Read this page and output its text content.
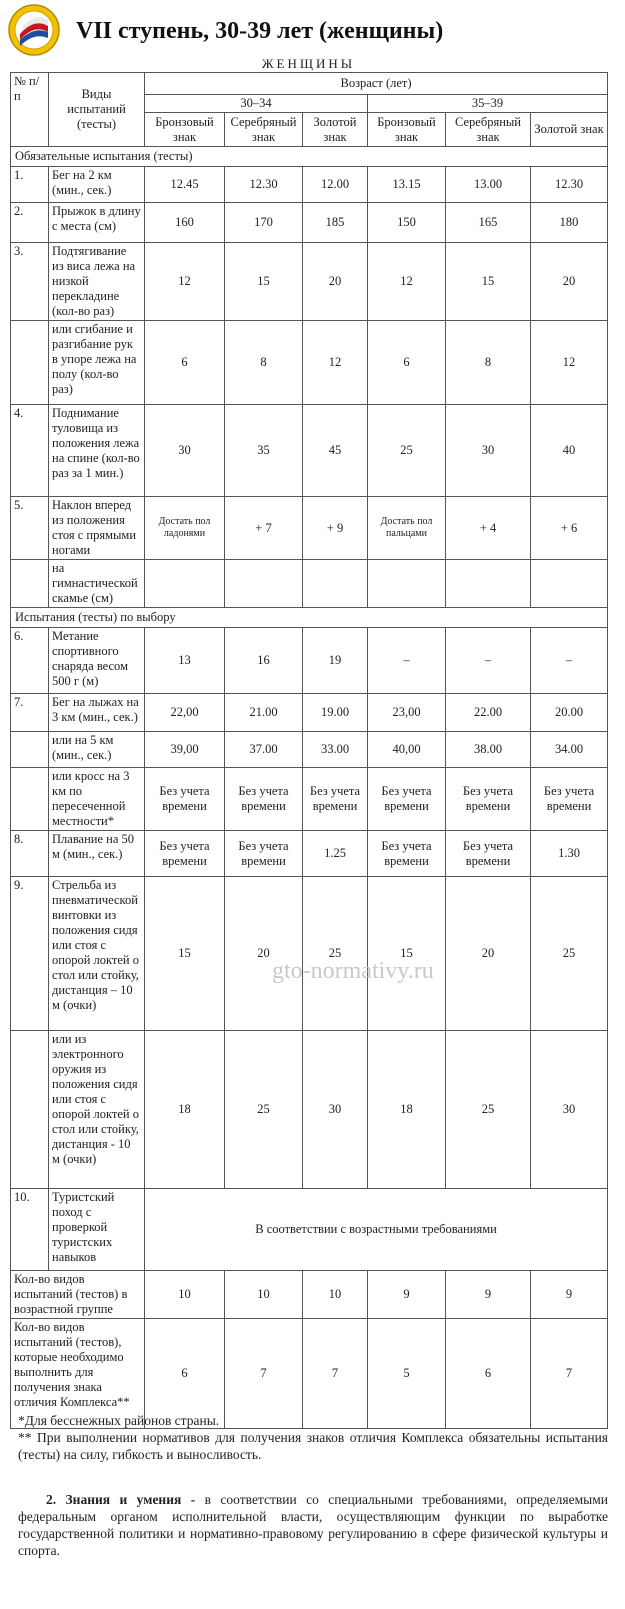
VII ступень, 30-39 лет (женщины)
ЖЕНЩИНЫ
№ п/п	Виды испытаний (тесты)	Возраст (лет)					
		30–34			35–39		
		Бронзовый знак	Серебряный знак	Золотой знак	Бронзовый знак	Серебряный знак	Золотой знак
Обязательные испытания (тесты)							
1.	Бег на 2 км (мин., сек.)	12.45	12.30	12.00	13.15	13.00	12.30
2.	Прыжок в длину с места (см)	160	170	185	150	165	180
3.	Подтягивание из виса лежа на низкой перекладине (кол-во раз)	12	15	20	12	15	20
	или сгибание и разгибание рук в упоре лежа на полу (кол-во раз)	6	8	12	6	8	12
4.	Поднимание туловища из положения лежа на спине (кол-во раз за 1 мин.)	30	35	45	25	30	40
5.	Наклон вперед из положения стоя с прямыми ногами	Достать пол ладонями	+ 7	+ 9	Достать пол пальцами	+ 4	+ 6
	на гимнастической скамье (см)						
Испытания (тесты) по выбору							
6.	Метание спортивного снаряда весом 500 г (м)	13	16	19	–	–	–
7.	Бег на лыжах на 3 км (мин., сек.)	22,00	21.00	19.00	23,00	22.00	20.00
	или на 5 км (мин., сек.)	39,00	37.00	33.00	40,00	38.00	34.00
	или кросс на 3 км по пересеченной местности*	Без учета времени	Без учета времени	Без учета времени	Без учета времени	Без учета времени	Без учета времени
8.	Плавание на 50 м (мин., сек.)	Без учета времени	Без учета времени	1.25	Без учета времени	Без учета времени	1.30
9.	Стрельба из пневматической винтовки из положения сидя или стоя с опорой локтей о стол или стойку, дистанция – 10 м (очки)	15	20	25	15	20	25
	или из электронного оружия из положения сидя или стоя с опорой локтей о стол или стойку, дистанция - 10 м (очки)	18	25	30	18	25	30
10.	Туристский поход с проверкой туристских навыков	В соответствии с возрастными требованиями					
Кол-во видов испытаний (тестов) в возрастной группе		10	10	10	9	9	9
Кол-во видов испытаний (тестов), которые необходимо выполнить для получения знака отличия Комплекса**		6	7	7	5	6	7
gto-normativy.ru
*Для бесснежных районов страны.
** При выполнении нормативов для получения знаков отличия Комплекса обязательны испытания (тесты) на силу, гибкость и выносливость.
2. Знания и умения - в соответствии со специальными требованиями, определяемыми федеральным органом исполнительной власти, осуществляющим функции по выработке государственной политики и нормативно-правовому регулированию в сфере физической культуры и спорта.
